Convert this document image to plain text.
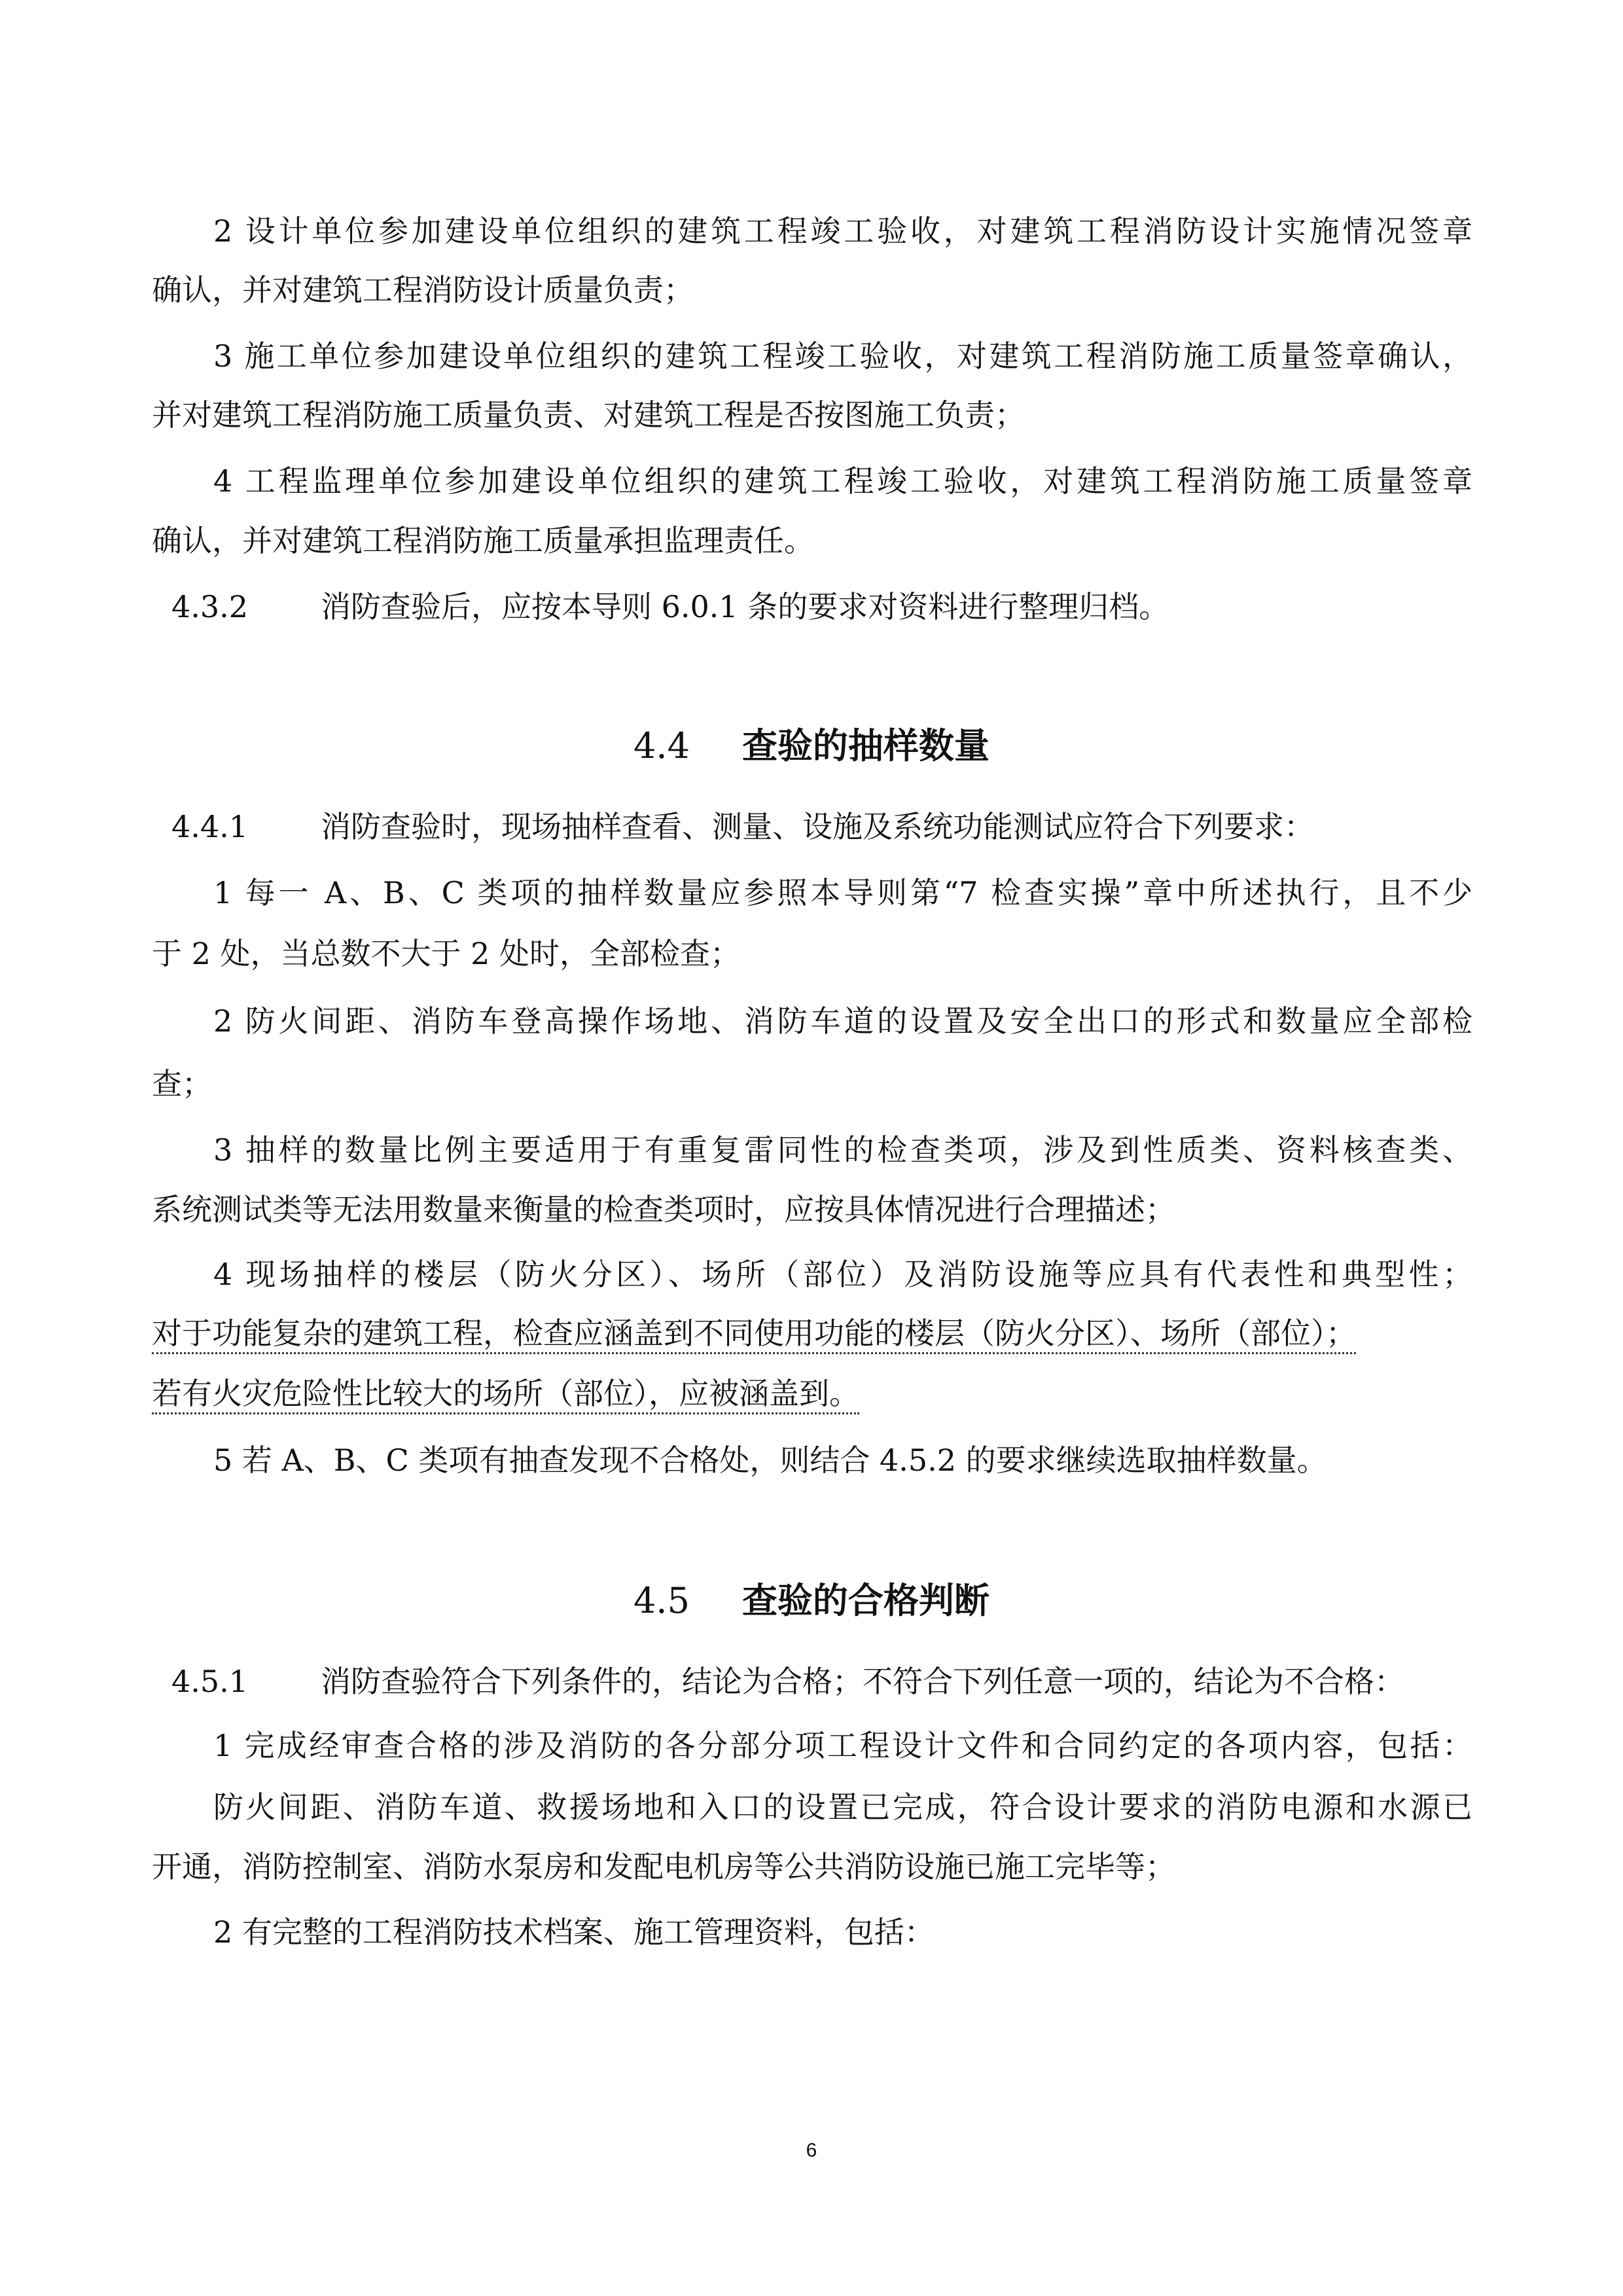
2 设计单位参加建设单位组织的建筑工程竣工验收，对建筑工程消防设计实施情况签章
确认，并对建筑工程消防设计质量负责；
3 施工单位参加建设单位组织的建筑工程竣工验收，对建筑工程消防施工质量签章确认，
并对建筑工程消防施工质量负责、对建筑工程是否按图施工负责；
4 工程监理单位参加建设单位组织的建筑工程竣工验收，对建筑工程消防施工质量签章
确认，并对建筑工程消防施工质量承担监理责任。
4.3.2 消防查验后，应按本导则 6.0.1 条的要求对资料进行整理归档。
4.4 查验的抽样数量
4.4.1 消防查验时，现场抽样查看、测量、设施及系统功能测试应符合下列要求：
1 每一 A、B、C 类项的抽样数量应参照本导则第“7 检查实操”章中所述执行，且不少
于 2 处，当总数不大于 2 处时，全部检查；
2 防火间距、消防车登高操作场地、消防车道的设置及安全出口的形式和数量应全部检
查；
3 抽样的数量比例主要适用于有重复雷同性的检查类项，涉及到性质类、资料核查类、
系统测试类等无法用数量来衡量的检查类项时，应按具体情况进行合理描述；
4 现场抽样的楼层（防火分区）、场所（部位）及消防设施等应具有代表性和典型性；
对于功能复杂的建筑工程，检查应涵盖到不同使用功能的楼层（防火分区）、场所（部位）；
若有火灾危险性比较大的场所（部位），应被涵盖到。
5 若 A、B、C 类项有抽查发现不合格处，则结合 4.5.2 的要求继续选取抽样数量。
4.5 查验的合格判断
4.5.1 消防查验符合下列条件的，结论为合格；不符合下列任意一项的，结论为不合格：
1 完成经审查合格的涉及消防的各分部分项工程设计文件和合同约定的各项内容，包括：
防火间距、消防车道、救援场地和入口的设置已完成，符合设计要求的消防电源和水源已
开通，消防控制室、消防水泵房和发配电机房等公共消防设施已施工完毕等；
2 有完整的工程消防技术档案、施工管理资料，包括：
6
